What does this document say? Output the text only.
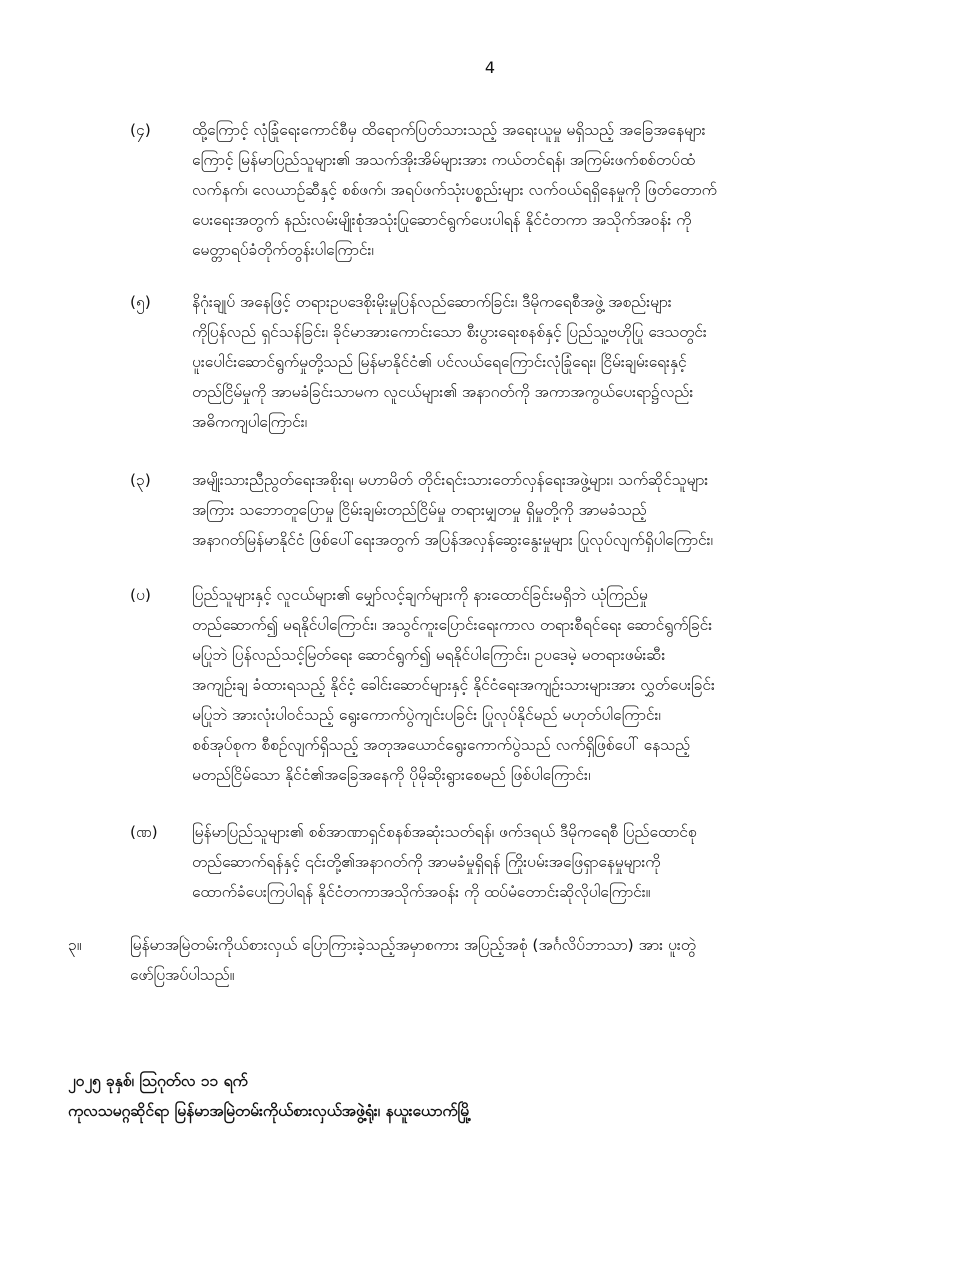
4
(၄)	ထို့ကြောင့် လုံခြုံရေးကောင်စီမှ ထိရောက်ပြတ်သားသည့် အရေးယူမှု မရှိသည့် အခြေအနေများ
ကြောင့် မြန်မာပြည်သူများ၏ အသက်အိုးအိမ်များအား ကယ်တင်ရန်၊ အကြမ်းဖက်စစ်တပ်ထံ
လက်နက်၊ လေယာဉ်ဆီနှင့် စစ်ဖက်၊ အရပ်ဖက်သုံးပစ္စည်းများ လက်ဝယ်ရရှိနေမှုကို ဖြတ်တောက်
ပေးရေးအတွက် နည်းလမ်းမျိုးစုံအသုံးပြုဆောင်ရွက်ပေးပါရန် နိုင်ငံတကာ အသိုက်အဝန်း ကို
မေတ္တာရပ်ခံတိုက်တွန်းပါကြောင်း၊
(၅)	နိဂုံးချုပ် အနေဖြင့် တရားဥပဒေစိုးမိုးမှုပြန်လည်ဆောက်ခြင်း၊ ဒီမိုကရေစီအဖွဲ့ အစည်းများ
ကိုပြန်လည် ရှင်သန်ခြင်း၊ ခိုင်မာအားကောင်းသော စီးပွားရေးစနစ်နှင့် ပြည်သူ့ဗဟိုပြု ဒေသတွင်း
ပူးပေါင်းဆောင်ရွက်မှုတို့သည် မြန်မာနိုင်ငံ၏ ပင်လယ်ရေကြောင်းလုံခြုံရေး၊ ငြိမ်းချမ်းရေးနှင့်
တည်ငြိမ်မှုကို အာမခံခြင်းသာမက လူငယ်များ၏ အနာဂတ်ကို အကာအကွယ်ပေးရာ၌လည်း
အဓိကကျပါကြောင်း၊
(၃)	အမျိုးသားညီညွတ်ရေးအစိုးရ၊ မဟာမိတ် တိုင်းရင်းသားတော်လှန်ရေးအဖွဲ့များ၊ သက်ဆိုင်သူများ
အကြား သဘောတူပြောမှု ငြိမ်းချမ်းတည်ငြိမ်မှု တရားမျှတမှု ရှိမှုတို့ကို အာမခံသည့်
အနာဂတ်မြန်မာနိုင်ငံ ဖြစ်ပေါ်ရေးအတွက် အပြန်အလှန်ဆွေးနွေးမှုများ ပြုလုပ်လျက်ရှိပါကြောင်း၊
(ပ)	ပြည်သူများနှင့် လူငယ်များ၏ မျှော်လင့်ချက်များကို နားထောင်ခြင်းမရှိဘဲ ယုံကြည်မှု
တည်ဆောက်၍ မရနိုင်ပါကြောင်း၊ အသွင်ကူးပြောင်းရေးကာလ တရားစီရင်ရေး ဆောင်ရွက်ခြင်း
မပြုဘဲ ပြန်လည်သင့်မြတ်ရေး ဆောင်ရွက်၍ မရနိုင်ပါကြောင်း၊ ဥပဒေမဲ့ မတရားဖမ်းဆီး
အကျဉ်းချ ခံထားရသည့် နိုင်ငံ့ ခေါင်းဆောင်များနှင့် နိုင်ငံရေးအကျဉ်းသားများအား လွှတ်ပေးခြင်း
မပြုဘဲ အားလုံးပါဝင်သည့် ရွေးကောက်ပွဲကျင်းပခြင်း ပြုလုပ်နိုင်မည် မဟုတ်ပါကြောင်း၊
စစ်အုပ်စုက စီစဉ်လျက်ရှိသည့် အတုအယောင်ရွေးကောက်ပွဲသည် လက်ရှိဖြစ်ပေါ် နေသည့်
မတည်ငြိမ်သော နိုင်ငံ၏အခြေအနေကို ပိုမိုဆိုးရွားစေမည် ဖြစ်ပါကြောင်း၊
(ဏ)	မြန်မာပြည်သူများ၏ စစ်အာဏာရှင်စနစ်အဆုံးသတ်ရန်၊ ဖက်ဒရယ် ဒီမိုကရေစီ ပြည်ထောင်စု
တည်ဆောက်ရန်နှင့် ၎င်းတို့၏အနာဂတ်ကို အာမခံမှုရှိရန် ကြိုးပမ်းအဖြေရှာနေမှုများကို
ထောက်ခံပေးကြပါရန် နိုင်ငံတကာအသိုက်အဝန်း ကို ထပ်မံတောင်းဆိုလိုပါကြောင်း။
၃။	မြန်မာအမြဲတမ်းကိုယ်စားလှယ် ပြောကြားခဲ့သည့်အမှာစကား အပြည့်အစုံ (အင်္ဂလိပ်ဘာသာ) အား ပူးတွဲ
ဖော်ပြအပ်ပါသည်။
၂၀၂၅ ခုနှစ်၊ သြဂုတ်လ ၁၁ ရက်
ကုလသမဂ္ဂဆိုင်ရာ မြန်မာအမြဲတမ်းကိုယ်စားလှယ်အဖွဲ့ရုံး၊ နယူးယောက်မြို့
